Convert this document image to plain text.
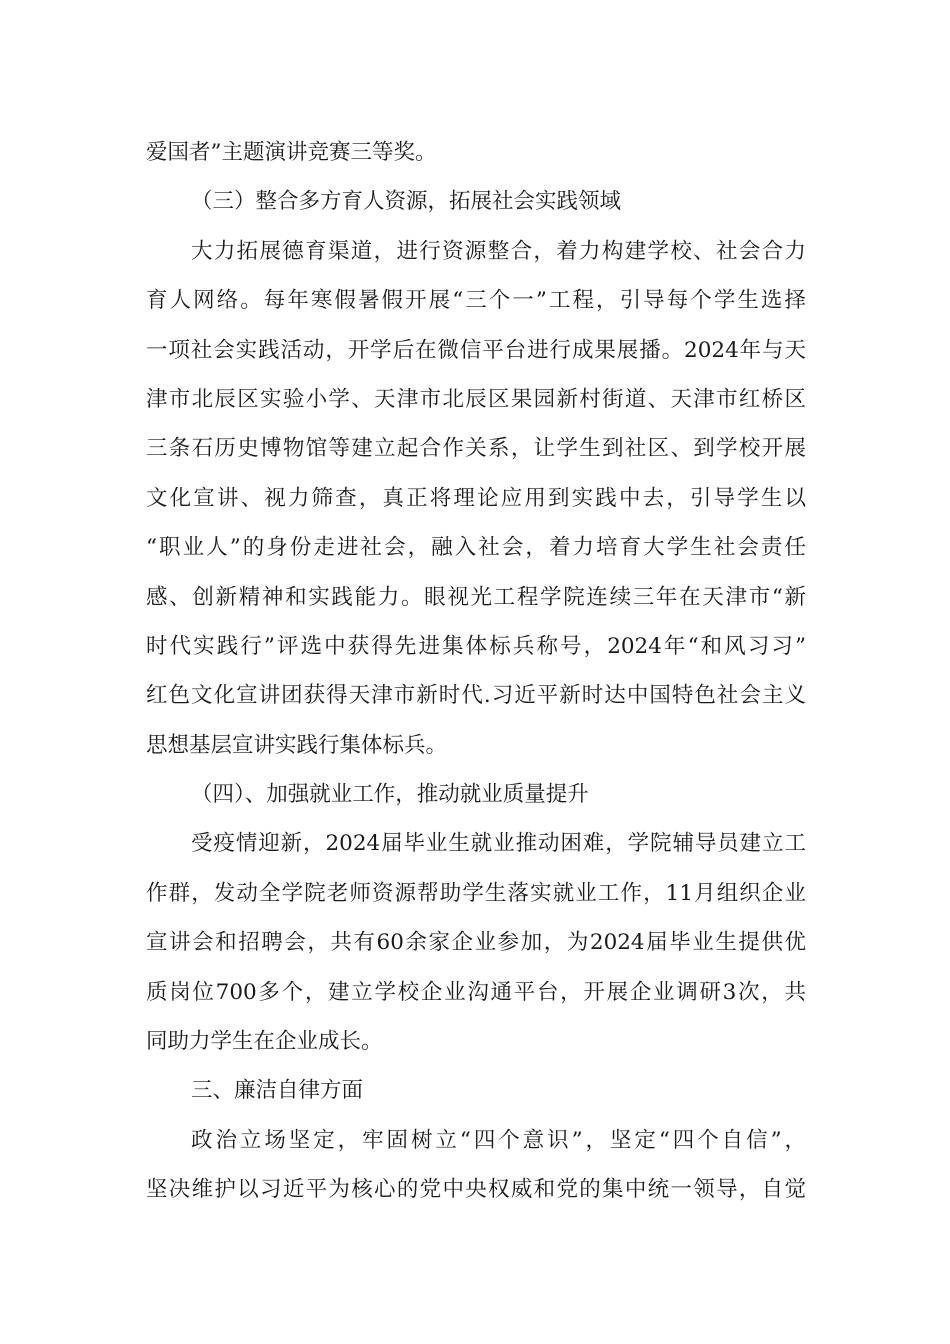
爱国者”主题演讲竞赛三等奖。
（三）整合多方育人资源，拓展社会实践领域
大力拓展德育渠道，进行资源整合，着力构建学校、社会合力
育人网络。每年寒假暑假开展“三个一”工程，引导每个学生选择
一项社会实践活动，开学后在微信平台进行成果展播。2024年与天
津市北辰区实验小学、天津市北辰区果园新村街道、天津市红桥区
三条石历史博物馆等建立起合作关系，让学生到社区、到学校开展
文化宣讲、视力筛查，真正将理论应用到实践中去，引导学生以
“职业人”的身份走进社会，融入社会，着力培育大学生社会责任
感、创新精神和实践能力。眼视光工程学院连续三年在天津市“新
时代实践行”评选中获得先进集体标兵称号，2024年“和风习习”
红色文化宣讲团获得天津市新时代.习近平新时达中国特色社会主义
思想基层宣讲实践行集体标兵。
（四）、加强就业工作，推动就业质量提升
受疫情迎新，2024届毕业生就业推动困难，学院辅导员建立工
作群，发动全学院老师资源帮助学生落实就业工作，11月组织企业
宣讲会和招聘会，共有60余家企业参加，为2024届毕业生提供优
质岗位700多个，建立学校企业沟通平台，开展企业调研3次，共
同助力学生在企业成长。
三、廉洁自律方面
政治立场坚定，牢固树立“四个意识”，坚定“四个自信”，
坚决维护以习近平为核心的党中央权威和党的集中统一领导，自觉
